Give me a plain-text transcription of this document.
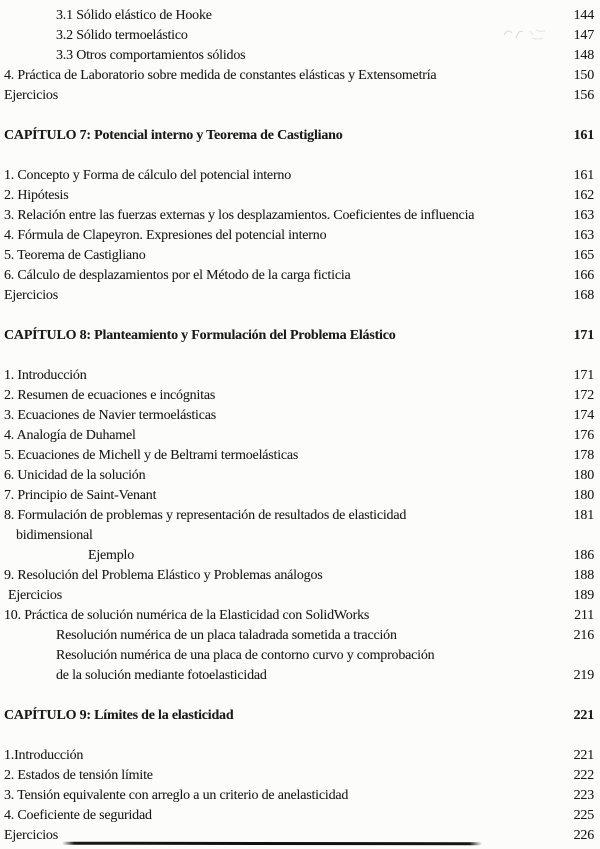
3.1 Sólido elástico de Hooke	144
3.2 Sólido termoelástico	147
3.3 Otros comportamientos sólidos	148
4. Práctica de Laboratorio sobre medida de constantes elásticas y Extensometría	150
Ejercicios	156
CAPÍTULO 7: Potencial interno y Teorema de Castigliano	161
1. Concepto y Forma de cálculo del potencial interno	161
2. Hipótesis	162
3. Relación entre las fuerzas externas y los desplazamientos. Coeficientes de influencia	163
4. Fórmula de Clapeyron. Expresiones del potencial interno	163
5. Teorema de Castigliano	165
6. Cálculo de desplazamientos por el Método de la carga ficticia	166
Ejercicios	168
CAPÍTULO 8: Planteamiento y Formulación del Problema Elástico	171
1. Introducción	171
2. Resumen de ecuaciones e incógnitas	172
3. Ecuaciones de Navier termoelásticas	174
4. Analogía de Duhamel	176
5. Ecuaciones de Michell y de Beltrami termoelásticas	178
6. Unicidad de la solución	180
7. Principio de Saint-Venant	180
8. Formulación de problemas y representación de resultados de elasticidad	181
bidimensional
Ejemplo	186
9. Resolución del Problema Elástico y Problemas análogos	188
Ejercicios	189
10. Práctica de solución numérica de la Elasticidad con SolidWorks	211
Resolución numérica de un placa taladrada sometida a tracción	216
Resolución numérica de una placa de contorno curvo y comprobación
de la solución mediante fotoelasticidad	219
CAPÍTULO 9: Límites de la elasticidad	221
1.Introducción	221
2. Estados de tensión límite	222
3. Tensión equivalente con arreglo a un criterio de anelasticidad	223
4. Coeficiente de seguridad	225
Ejercicios	226
